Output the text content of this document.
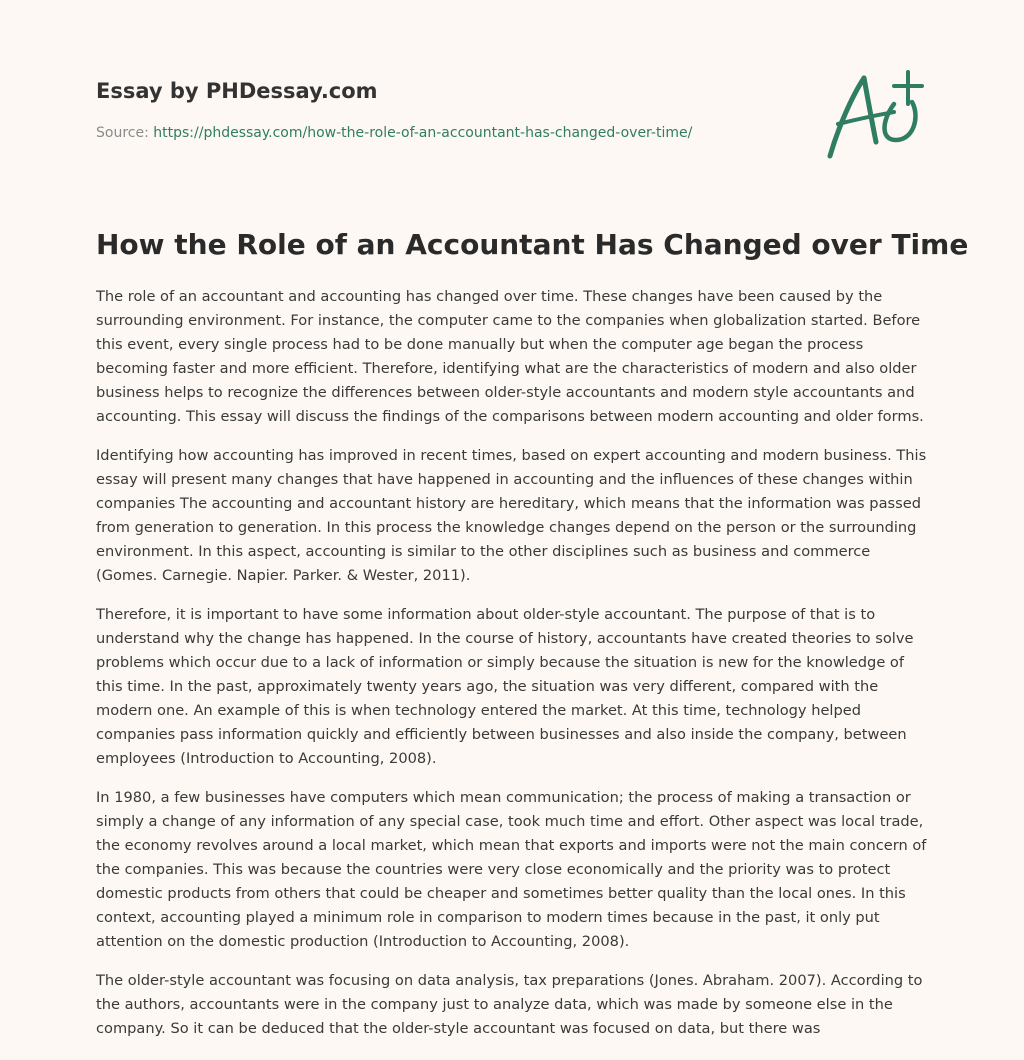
Essay by PHDessay.com

Source: https://phdessay.com/how-the-role-of-an-accountant-has-changed-over-time/
How the Role of an Accountant Has Changed over Time

The role of an accountant and accounting has changed over time. These changes have been caused by the surrounding environment. For instance, the computer came to the companies when globalization started. Before this event, every single process had to be done manually but when the computer age began the process becoming faster and more efficient. Therefore, identifying what are the characteristics of modern and also older business helps to recognize the differences between older-style accountants and modern style accountants and accounting. This essay will discuss the findings of the comparisons between modern accounting and older forms.

Identifying how accounting has improved in recent times, based on expert accounting and modern business. This essay will present many changes that have happened in accounting and the influences of these changes within companies The accounting and accountant history are hereditary, which means that the information was passed from generation to generation. In this process the knowledge changes depend on the person or the surrounding environment. In this aspect, accounting is similar to the other disciplines such as business and commerce (Gomes. Carnegie. Napier. Parker. & Wester, 2011).

Therefore, it is important to have some information about older-style accountant. The purpose of that is to understand why the change has happened. In the course of history, accountants have created theories to solve problems which occur due to a lack of information or simply because the situation is new for the knowledge of this time. In the past, approximately twenty years ago, the situation was very different, compared with the modern one. An example of this is when technology entered the market. At this time, technology helped companies pass information quickly and efficiently between businesses and also inside the company, between employees (Introduction to Accounting, 2008).

In 1980, a few businesses have computers which mean communication; the process of making a transaction or simply a change of any information of any special case, took much time and effort. Other aspect was local trade, the economy revolves around a local market, which mean that exports and imports were not the main concern of the companies. This was because the countries were very close economically and the priority was to protect domestic products from others that could be cheaper and sometimes better quality than the local ones. In this context, accounting played a minimum role in comparison to modern times because in the past, it only put attention on the domestic production (Introduction to Accounting, 2008).

The older-style accountant was focusing on data analysis, tax preparations (Jones. Abraham. 2007). According to the authors, accountants were in the company just to analyze data, which was made by someone else in the company. So it can be deduced that the older-style accountant was focused on data, but there was
